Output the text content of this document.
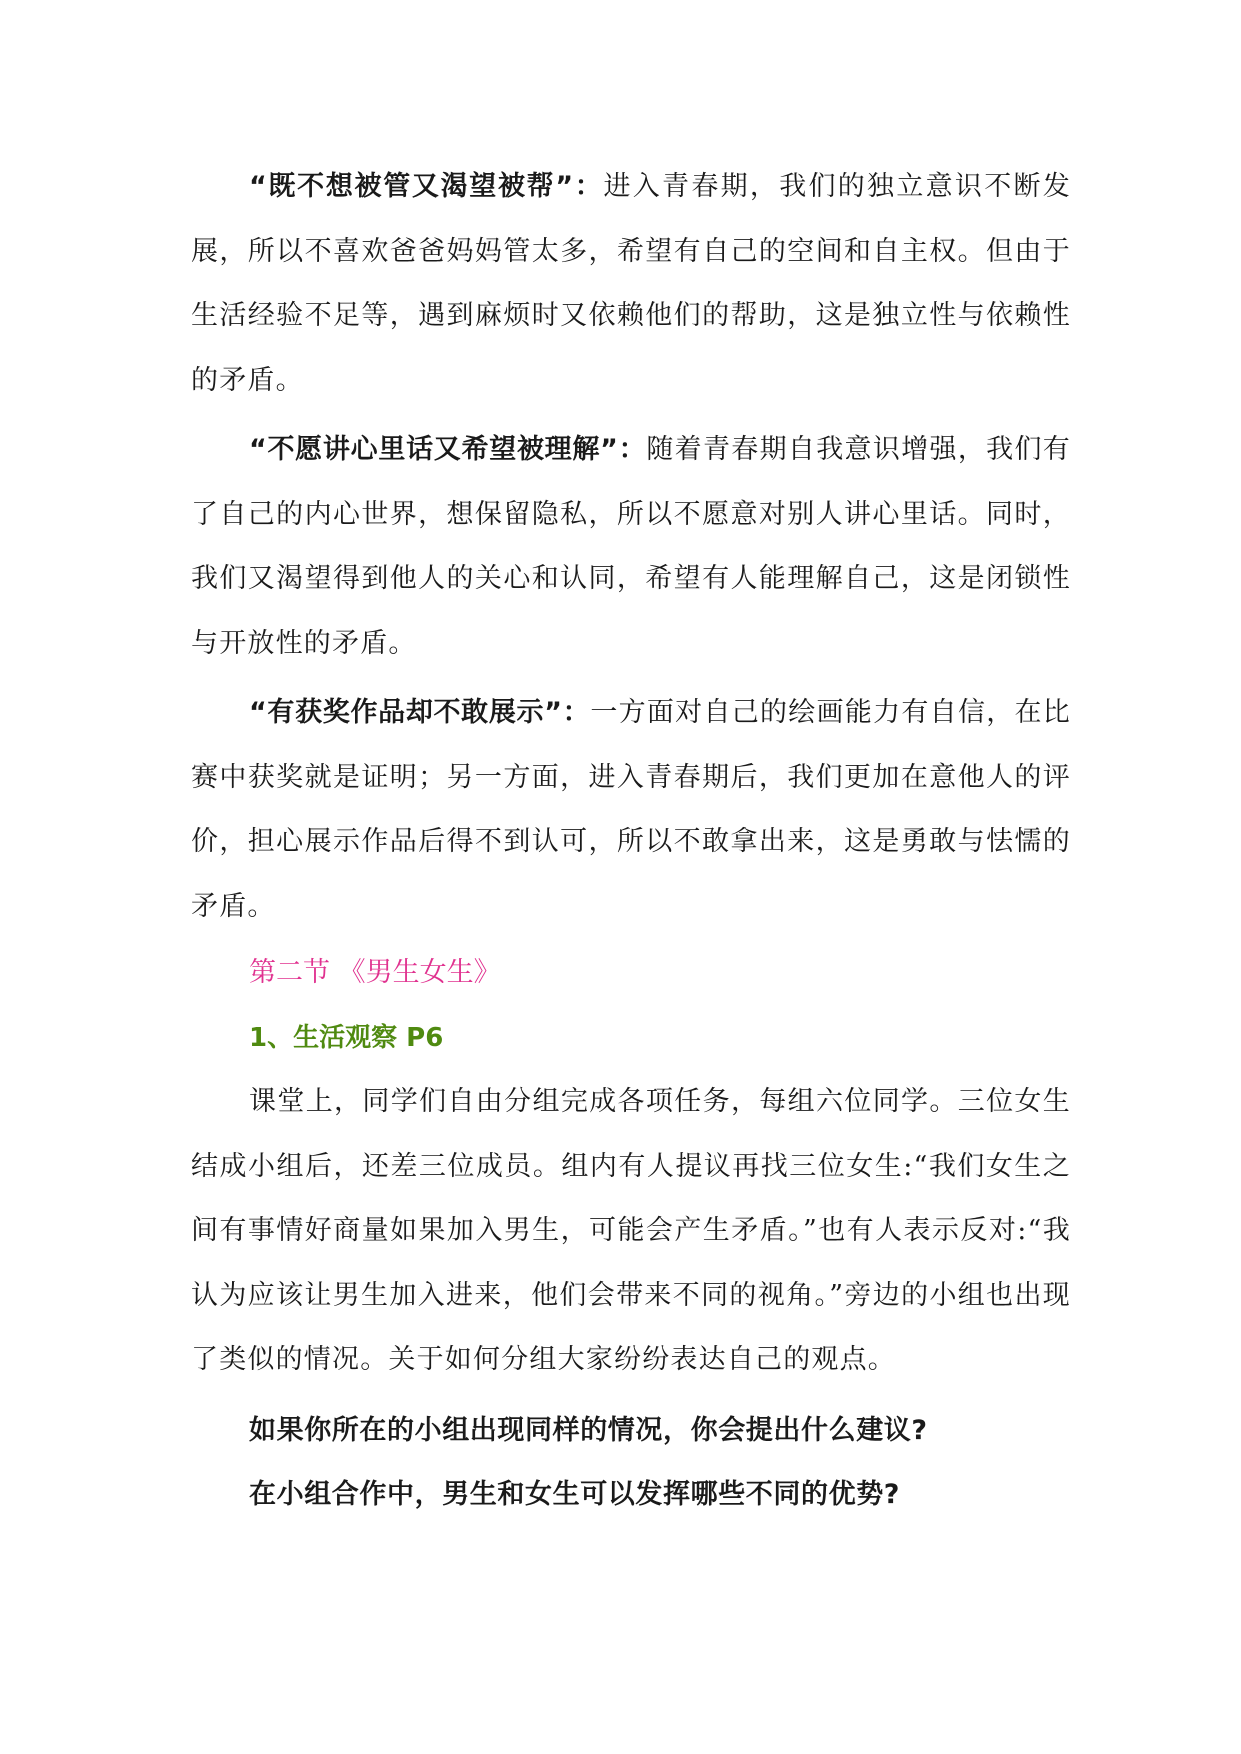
“既不想被管又渴望被帮”：进入青春期，我们的独立意识不断发展，所以不喜欢爸爸妈妈管太多，希望有自己的空间和自主权。但由于生活经验不足等，遇到麻烦时又依赖他们的帮助，这是独立性与依赖性的矛盾。

“不愿讲心里话又希望被理解”：随着青春期自我意识增强，我们有了自己的内心世界，想保留隐私，所以不愿意对别人讲心里话。同时，我们又渴望得到他人的关心和认同，希望有人能理解自己，这是闭锁性与开放性的矛盾。

“有获奖作品却不敢展示”：一方面对自己的绘画能力有自信，在比赛中获奖就是证明；另一方面，进入青春期后，我们更加在意他人的评价，担心展示作品后得不到认可，所以不敢拿出来，这是勇敢与怯懦的矛盾。

第二节 《男生女生》
1、生活观察 P6

课堂上，同学们自由分组完成各项任务，每组六位同学。三位女生结成小组后，还差三位成员。组内有人提议再找三位女生:“我们女生之间有事情好商量如果加入男生，可能会产生矛盾。”也有人表示反对:“我认为应该让男生加入进来，他们会带来不同的视角。”旁边的小组也出现了类似的情况。关于如何分组大家纷纷表达自己的观点。

如果你所在的小组出现同样的情况，你会提出什么建议?
在小组合作中，男生和女生可以发挥哪些不同的优势?
